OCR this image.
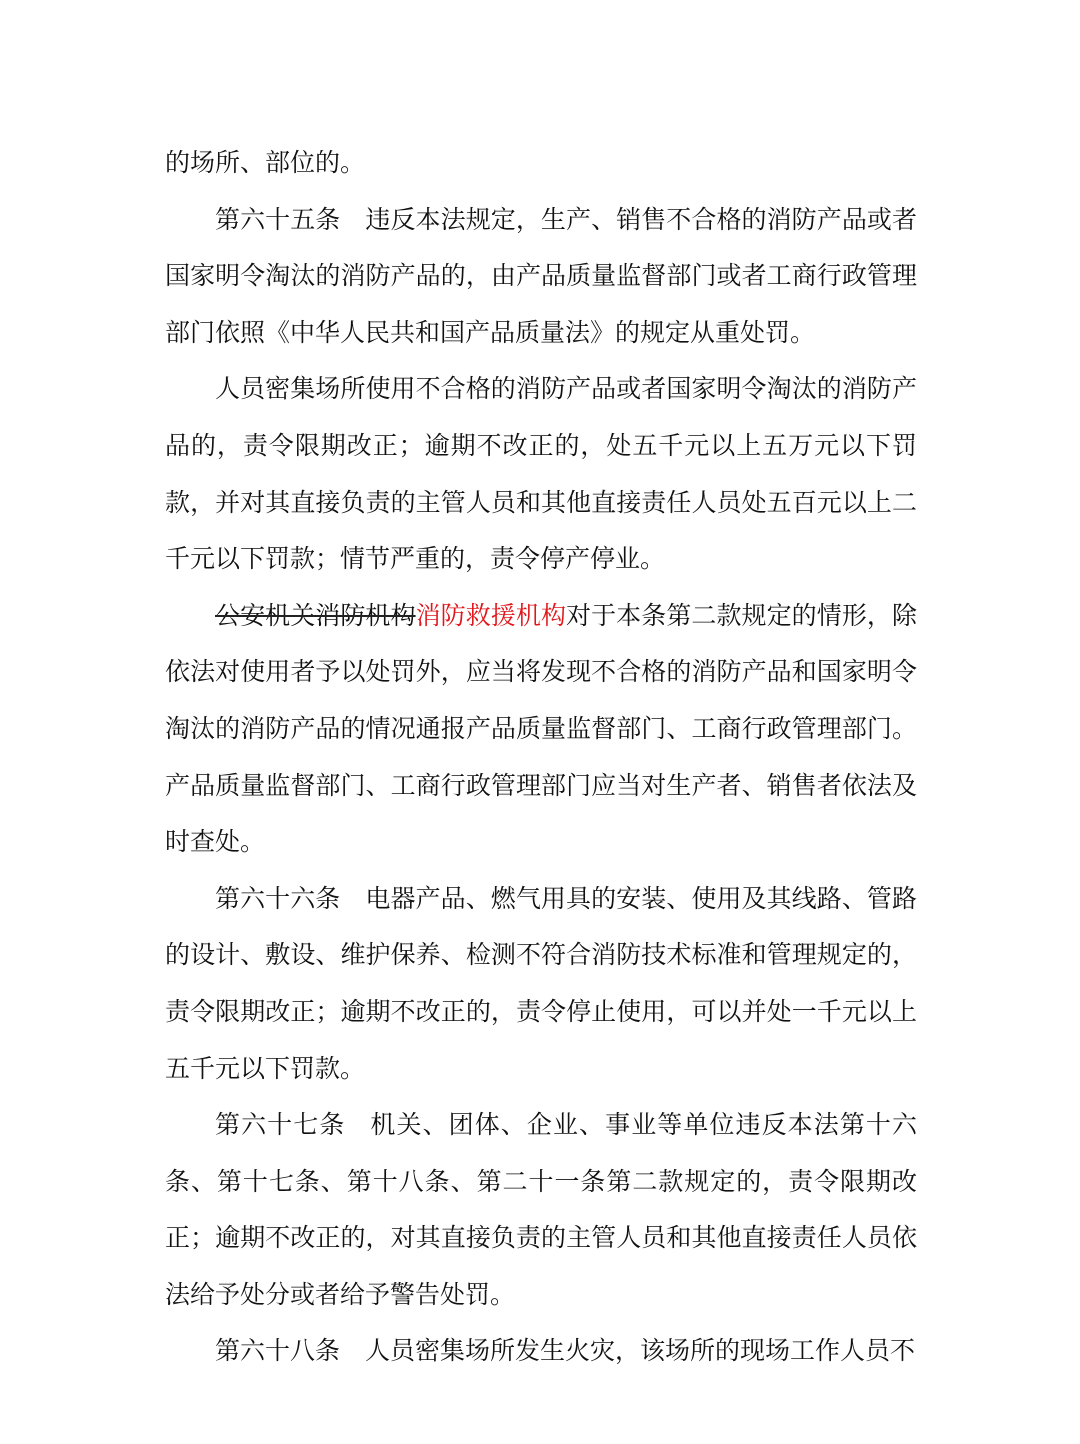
的场所、部位的。

第六十五条 违反本法规定，生产、销售不合格的消防产品或者国家明令淘汰的消防产品的，由产品质量监督部门或者工商行政管理部门依照《中华人民共和国产品质量法》的规定从重处罚。

人员密集场所使用不合格的消防产品或者国家明令淘汰的消防产品的，责令限期改正；逾期不改正的，处五千元以上五万元以下罚款，并对其直接负责的主管人员和其他直接责任人员处五百元以上二千元以下罚款；情节严重的，责令停产停业。

公安机关消防机构消防救援机构对于本条第二款规定的情形，除依法对使用者予以处罚外，应当将发现不合格的消防产品和国家明令淘汰的消防产品的情况通报产品质量监督部门、工商行政管理部门。产品质量监督部门、工商行政管理部门应当对生产者、销售者依法及时查处。

第六十六条 电器产品、燃气用具的安装、使用及其线路、管路的设计、敷设、维护保养、检测不符合消防技术标准和管理规定的，责令限期改正；逾期不改正的，责令停止使用，可以并处一千元以上五千元以下罚款。

第六十七条 机关、团体、企业、事业等单位违反本法第十六条、第十七条、第十八条、第二十一条第二款规定的，责令限期改正；逾期不改正的，对其直接负责的主管人员和其他直接责任人员依法给予处分或者给予警告处罚。

第六十八条 人员密集场所发生火灾，该场所的现场工作人员不
